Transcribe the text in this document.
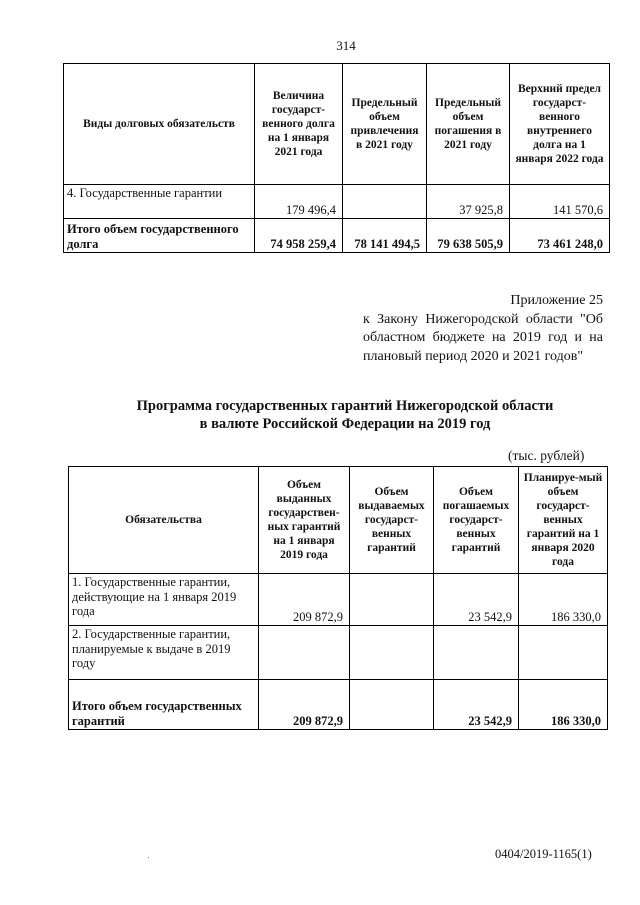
314
Виды долговых обязательств	Величина государст-венного долга на 1 января 2021 года	Предельный объем привлечения в 2021 году	Предельный объем погашения в 2021 году	Верхний предел государст-венного внутреннего долга на 1 января 2022 года
4. Государственные гарантии	179 496,4		37 925,8	141 570,6
Итого объем государственного долга	74 958 259,4	78 141 494,5	79 638 505,9	73 461 248,0
Приложение 25
к Закону Нижегородской области "Об областном бюджете на 2019 год и на плановый период 2020 и 2021 годов"
Программа государственных гарантий Нижегородской области
в валюте Российской Федерации на 2019 год
(тыс. рублей)
Обязательства	Объем выданных государствен-ных гарантий на 1 января 2019 года	Объем выдаваемых государст-венных гарантий	Объем погашаемых государст-венных гарантий	Планируе-мый объем государст-венных гарантий на 1 января 2020 года
1. Государственные гарантии, действующие на 1 января 2019 года	209 872,9		23 542,9	186 330,0
2. Государственные гарантии, планируемые к выдаче в 2019 году				
Итого объем государственных гарантий	209 872,9		23 542,9	186 330,0
0404/2019-1165(1)
